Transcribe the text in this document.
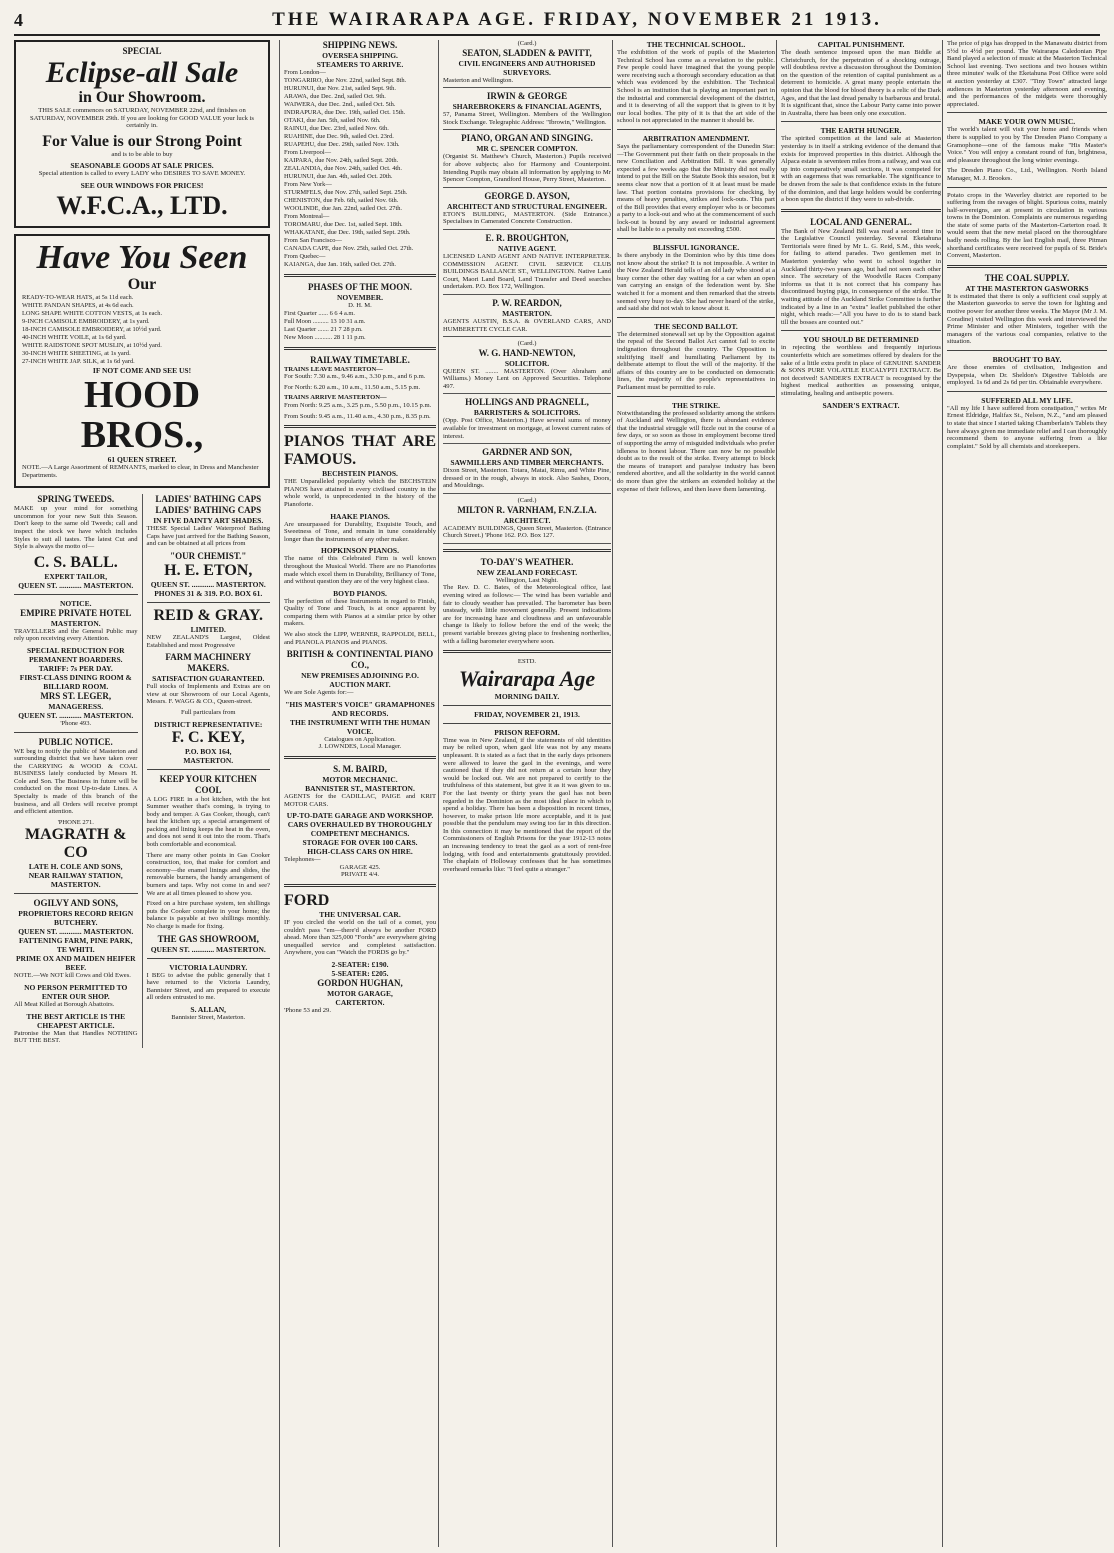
4	THE WAIRARAPA AGE. FRIDAY, NOVEMBER 21 1913.
SPECIAL
Eclipse-all Sale
in Our Showroom.

THIS SALE commences on SATURDAY, NOVEMBER 22nd, and finishes on SATURDAY, NOVEMBER 29th. If you are looking for GOOD VALUE your luck is certainly in.

For Value is our Strong Point

and is to be able to buy

SEASONABLE GOODS AT SALE PRICES.

Special attention is called to every LADY who DESIRES TO SAVE MONEY.

SEE OUR WINDOWS FOR PRICES!
W.F.C.A., LTD.
Have You Seen
Our
READY-TO-WEAR HATS, at 5s 11d each.
WHITE PANDAN SHAPES, at 4s 6d each.
LONG SHAPE WHITE COTTON VESTS, at 1s each.
9-INCH CAMISOLE EMBROIDERY, at 1s yard.
18-INCH CAMISOLE EMBROIDERY, at 10½d yard.
40-INCH WHITE VOILE, at 1s 6d yard.
WHITE RAIDSTONE SPOT MUSLIN, at 10½d yard.
30-INCH WHITE SHEETING, at 1s yard.
27-INCH WHITE JAP. SILK, at 1s 6d yard.
IF NOT COME AND SEE US!
HOOD BROS.,
61 QUEEN STREET.

NOTE.—A Large Assortment of REMNANTS, marked to clear, in Dress and Manchester Departments.

SPRING TWEEDS.

MAKE up your mind for something uncommon for your new Suit this Season. Don't keep to the same old Tweeds; call and inspect the stock we have which includes Styles to suit all tastes. The latest Cut and Style is always the motto of—

C. S. BALL.
EXPERT TAILOR,
QUEEN ST. ............ MASTERTON.
NOTICE.
EMPIRE PRIVATE HOTEL
MASTERTON.

TRAVELLERS and the General Public may rely upon receiving every Attention.

SPECIAL REDUCTION FOR PERMANENT BOARDERS.
TARIFF: 7s PER DAY.
FIRST-CLASS DINING ROOM & BILLIARD ROOM.
MRS ST. LEGER,
MANAGERESS.
QUEEN ST. ............ MASTERTON.
'Phone 493.
PUBLIC NOTICE.

WE beg to notify the public of Masterton and surrounding district that we have taken over the CARRYING & WOOD & COAL BUSINESS lately conducted by Messrs H. Cole and Son. The Business in future will be conducted on the most Up-to-date Lines. A Specialty is made of this branch of the business, and all Orders will receive prompt and efficient attention.

'PHONE 271.
MAGRATH & CO
LATE H. COLE AND SONS,
NEAR RAILWAY STATION,
MASTERTON.
OGILVY AND SONS,
PROPRIETORS RECORD REIGN BUTCHERY.
QUEEN ST. ............ MASTERTON.
FATTENING FARM, PINE PARK, TE WHITI.
PRIME OX AND MAIDEN HEIFER BEEF.

NOTE.—We NOT kill Cows and Old Ewes.

NO PERSON PERMITTED TO ENTER OUR SHOP.

All Meat Killed at Borough Abattoirs.

THE BEST ARTICLE IS THE CHEAPEST ARTICLE.

Patronise the Man that Handles NOTHING BUT THE BEST.

LADIES' BATHING CAPS
LADIES' BATHING CAPS
IN FIVE DAINTY ART SHADES.

THESE Special Ladies' Waterproof Bathing Caps have just arrived for the Bathing Season, and can be obtained at all prices from

"OUR CHEMIST."
H. E. ETON,
QUEEN ST. ............ MASTERTON.
PHONES 31 & 319. P.O. BOX 61.
REID & GRAY.
LIMITED.

NEW ZEALAND'S Largest, Oldest Established and most Progressive

FARM MACHINERY MAKERS.
SATISFACTION GUARANTEED.

Full stocks of Implements and Extras are on view at our Showroom of our Local Agents, Messrs. F. WAGG & CO., Queen-street.

Full particulars from

DISTRICT REPRESENTATIVE:
F. C. KEY,
P.O. BOX 164,
MASTERTON.
KEEP YOUR KITCHEN COOL

A LOG FIRE in a hot kitchen, with the hot Summer weather that's coming, is trying to body and temper. A Gas Cooker, though, can't heat the kitchen up; a special arrangement of packing and lining keeps the heat in the oven, and does not send it out into the room. That's both comfortable and economical.

There are many other points in Gas Cooker construction, too, that make for comfort and economy—the enamel linings and slides, the removable burners, the handy arrangement of burners and taps. Why not come in and see? We are at all times pleased to show you.

Fixed on a hire purchase system, ten shillings puts the Cooker complete in your home; the balance is payable at two shillings monthly. No charge is made for fixing.

THE GAS SHOWROOM,
QUEEN ST. ............ MASTERTON.
VICTORIA LAUNDRY.

I BEG to advise the public generally that I have returned to the Victoria Laundry, Bannister Street, and am prepared to execute all orders entrusted to me.

S. ALLAN,
Bannister Street, Masterton.
SHIPPING NEWS.
OVERSEA SHIPPING.
STEAMERS TO ARRIVE.
From London—
TONGARIRO, due Nov. 22nd, sailed Sept. 8th.
HURUNUI, due Nov. 21st, sailed Sept. 9th.
ARAWA, due Dec. 2nd, sailed Oct. 9th.
WAIWERA, due Dec. 2nd., sailed Oct. 5th.
INDRAPURA, due Dec. 19th, sailed Oct. 15th.
OTAKI, due Jan. 5th, sailed Nov. 6th.
RAINUI, due Dec. 23rd, sailed Nov. 6th.
RUAHINE, due Dec. 9th, sailed Oct. 23rd.
RUAPEHU, due Dec. 29th, sailed Nov. 13th.
From Liverpool—
KAIPARA, due Nov. 24th, sailed Sept. 20th.
ZEALANDIA, due Nov. 24th, sailed Oct. 4th.
HURUNUI, due Jan. 4th, sailed Oct. 20th.
From New York—
STURMFELS, due Nov. 27th, sailed Sept. 25th.
CHENISTON, due Feb. 6th, sailed Nov. 6th.
WOOLINDE, due Jan. 22nd, sailed Oct. 27th.
From Montreal—
TOROMARU, due Dec. 1st, sailed Sept. 18th.
WHAKATANE, due Dec. 19th, sailed Sept. 29th.
From San Francisco—
CANADA CAPE, due Nov. 25th, sailed Oct. 27th.
From Quebec—
KAIANGA, due Jan. 16th, sailed Oct. 27th.
PHASES OF THE MOON.
NOVEMBER.
D. H. M.
First Quarter ...... 6 6 4 a.m.
Full Moon .......... 13 10 31 a.m.
Last Quarter ....... 21 7 28 p.m.
New Moon ........... 28 1 11 p.m.
RAILWAY TIMETABLE.
TRAINS LEAVE MASTERTON—

For South: 7.30 a.m., 9.46 a.m., 3.30 p.m., and 6 p.m.

For North: 6.20 a.m., 10 a.m., 11.50 a.m., 5.15 p.m.

TRAINS ARRIVE MASTERTON—

From North: 9.25 a.m., 3.25 p.m., 5.50 p.m., 10.15 p.m.

From South: 9.45 a.m., 11.40 a.m., 4.30 p.m., 8.35 p.m.

PIANOS THAT ARE FAMOUS.
BECHSTEIN PIANOS.

THE Unparalleled popularity which the BECHSTEIN PIANOS have attained in every civilised country in the whole world, is unprecedented in the history of the Pianoforte.

HAAKE PIANOS.

Are unsurpassed for Durability, Exquisite Touch, and Sweetness of Tone, and remain in tune considerably longer than the instruments of any other maker.

HOPKINSON PIANOS.

The name of this Celebrated Firm is well known throughout the Musical World. There are no Pianofortes made which excel them in Durability, Brilliancy of Tone, and without question they are of the very highest class.

BOYD PIANOS.

The perfection of these Instruments in regard to Finish, Quality of Tone and Touch, is at once apparent by comparing them with Pianos at a similar price by other makers.

We also stock the LIPP, WERNER, RAPPOLDI, BELL, and PIANOLA PIANOS and PIANOS.

BRITISH & CONTINENTAL PIANO CO.,
NEW PREMISES ADJOINING P.O. AUCTION MART.

We are Sole Agents for:—

"HIS MASTER'S VOICE" GRAMAPHONES AND RECORDS.
THE INSTRUMENT WITH THE HUMAN VOICE.
Catalogues on Application.
J. LOWNDES, Local Manager.
S. M. BAIRD,
MOTOR MECHANIC.
BANNISTER ST., MASTERTON.

AGENTS for the CADILLAC, PAIGE and KRIT MOTOR CARS.

UP-TO-DATE GARAGE AND WORKSHOP.
CARS OVERHAULED BY THOROUGHLY COMPETENT MECHANICS.
STORAGE FOR OVER 100 CARS.
HIGH-CLASS CARS ON HIRE.
Telephones—
GARAGE 425.
PRIVATE 4/4.
FORD
THE UNIVERSAL CAR.

IF you circled the world on the tail of a comet, you couldn't pass "em—there'd always be another FORD ahead. More than 325,000 "Fords" are everywhere giving unequalled service and completest satisfaction. Anywhere, you can "Watch the FORDS go by."

2-SEATER: £190.
5-SEATER: £205.
GORDON HUGHAN,
MOTOR GARAGE,
CARTERTON.
'Phone 53 and 29.
(Card.)
SEATON, SLADDEN & PAVITT,
CIVIL ENGINEERS AND AUTHORISED SURVEYORS.
Masterton and Wellington.
IRWIN & GEORGE
SHAREBROKERS & FINANCIAL AGENTS,
57, Panama Street, Wellington. Members of the Wellington Stock Exchange. Telegraphic Address: "Ibrowin," Wellington.
PIANO, ORGAN AND SINGING.
MR C. SPENCER COMPTON.
(Organist St. Matthew's Church, Masterton.) Pupils received for above subjects; also for Harmony and Counterpoint. Intending Pupils may obtain all information by applying to Mr Spencer Compton, Grandford House, Perry Street, Masterton.
GEORGE D. AYSON,
ARCHITECT AND STRUCTURAL ENGINEER.
ETON'S BUILDING, MASTERTON. (Side Entrance.) Specialises in Camerated Concrete Construction.
E. R. BROUGHTON,
NATIVE AGENT.
LICENSED LAND AGENT AND NATIVE INTERPRETER. COMMISSION AGENT. CIVIL SERVICE CLUB BUILDINGS BALLANCE ST., WELLINGTON. Native Land Court, Maori Land Board, Land Transfer and Deed searches undertaken. P.O. Box 172, Wellington.
P. W. REARDON,
MASTERTON.
AGENTS AUSTIN, B.S.A. & OVERLAND CARS, AND HUMBERETTE CYCLE CAR.
(Card.)
W. G. HAND-NEWTON,
SOLICITOR.
QUEEN ST. ........ MASTERTON. (Over Abraham and Williams.) Money Lent on Approved Securities. Telephone 497.
HOLLINGS AND PRAGNELL,
BARRISTERS & SOLICITORS.
(Opp. Post Office, Masterton.) Have several sums of money available for investment on mortgage, at lowest current rates of interest.
GARDNER AND SON,
SAWMILLERS AND TIMBER MERCHANTS.
Dixon Street, Masterton. Totara, Matai, Rimu, and White Pine, dressed or in the rough, always in stock. Also Sashes, Doors, and Mouldings.
(Card.)
MILTON R. VARNHAM, F.N.Z.I.A.
ARCHITECT.
ACADEMY BUILDINGS, Queen Street, Masterton. (Entrance Church Street.) 'Phone 162. P.O. Box 127.
TO-DAY'S WEATHER.
NEW ZEALAND FORECAST.
Wellington, Last Night.

The Rev. D. C. Bates, of the Meteorological office, last evening wired as follows:— The wind has been variable and fair to cloudy weather has prevailed. The barometer has been unsteady, with little movement generally. Present indications are for increasing haze and cloudiness and an unfavourable change is likely to follow before the end of the week; the present variable breezes giving place to freshening northerlies, with a falling barometer everywhere soon.

ESTD.
Wairarapa Age
MORNING DAILY.
FRIDAY, NOVEMBER 21, 1913.
PRISON REFORM.

Time was in New Zealand, if the statements of old identities may be relied upon, when gaol life was not by any means unpleasant. It is stated as a fact that in the early days prisoners were allowed to leave the gaol in the evenings, and were cautioned that if they did not return at a certain hour they would be locked out. We are not prepared to certify to the truthfulness of this statement, but give it as it was given to us. For the last twenty or thirty years the gaol has not been regarded in the Dominion as the most ideal place in which to spend a holiday. There has been a disposition in recent times, however, to make prison life more acceptable, and it is just possible that the pendulum may swing too far in this direction. In this connection it may be mentioned that the report of the Commissioners of English Prisons for the year 1912-13 notes an increasing tendency to treat the gaol as a sort of rent-free lodging, with food and entertainments gratuitously provided. The chaplain of Holloway confesses that he has sometimes overheard remarks like: "I feel quite a stranger."

THE TECHNICAL SCHOOL.

The exhibition of the work of pupils of the Masterton Technical School has come as a revelation to the public. Few people could have imagined that the young people were receiving such a thorough secondary education as that which was evidenced by the exhibition. The Technical School is an institution that is playing an important part in the industrial and commercial development of the district, and it is deserving of all the support that is given to it by our local bodies. The pity of it is that the art side of the school is not appreciated in the manner it should be.

ARBITRATION AMENDMENT.

Says the parliamentary correspondent of the Dunedin Star:—The Government put their faith on their proposals in the new Conciliation and Arbitration Bill. It was generally expected a few weeks ago that the Ministry did not really intend to put the Bill on the Statute Book this session, but it seems clear now that a portion of it at least must be made law. That portion contains provisions for checking, by means of heavy penalties, strikes and lock-outs. This part of the Bill provides that every employer who is or becomes a party to a lock-out and who at the commencement of such lock-out is bound by any award or industrial agreement shall be liable to a penalty not exceeding £500.

BLISSFUL IGNORANCE.

Is there anybody in the Dominion who by this time does not know about the strike? It is not impossible. A writer in the New Zealand Herald tells of an old lady who stood at a busy corner the other day waiting for a car when an open van carrying an ensign of the federation went by. She watched it for a moment and then remarked that the streets seemed very busy to-day. She had never heard of the strike, and said she did not wish to know about it.

THE SECOND BALLOT.

The determined stonewall set up by the Opposition against the repeal of the Second Ballot Act cannot fail to excite indignation throughout the country. The Opposition is stultifying itself and humiliating Parliament by its deliberate attempt to flout the will of the majority. If the affairs of this country are to be conducted on democratic lines, the majority of the people's representatives in Parliament must be permitted to rule.

THE STRIKE.

Notwithstanding the professed solidarity among the strikers of Auckland and Wellington, there is abundant evidence that the industrial struggle will fizzle out in the course of a few days, or so soon as those in employment become tired of supporting the army of misguided individuals who prefer idleness to honest labour. There can now be no possible doubt as to the result of the strike. Every attempt to block the means of transport and paralyse industry has been rendered abortive, and all the solidarity in the world cannot do more than give the strikers an extended holiday at the expense of their fellows, and then leave them lamenting.

CAPITAL PUNISHMENT.

The death sentence imposed upon the man Biddle at Christchurch, for the perpetration of a shocking outrage, will doubtless revive a discussion throughout the Dominion on the question of the retention of capital punishment as a deterrent to homicide. A great many people entertain the opinion that the blood for blood theory is a relic of the Dark Ages, and that the last dread penalty is barbarous and brutal. It is significant that, since the Labour Party came into power in Australia, there has been only one execution.

THE EARTH HUNGER.

The spirited competition at the land sale at Masterton yesterday is in itself a striking evidence of the demand that exists for improved properties in this district. Although the Alpaca estate is seventeen miles from a railway, and was cut up into comparatively small sections, it was competed for with an eagerness that was remarkable. The significance to be drawn from the sale is that confidence exists in the future of the dominion, and that large holders would be conferring a boon upon the district if they were to sub-divide.

LOCAL AND GENERAL.

The Bank of New Zealand Bill was read a second time in the Legislative Council yesterday. Several Eketahuna Territorials were fined by Mr L. G. Reid, S.M., this week, for failing to attend parades. Two gentlemen met in Masterton yesterday who went to school together in Auckland thirty-two years ago, but had not seen each other since. The secretary of the Woodville Races Company informs us that it is not correct that his company has discontinued buying pigs, in consequence of the strike. The waiting attitude of the Auckland Strike Committee is further indicated by a line in an "extra" leaflet published the other night, which reads:—"All you have to do is to stand back till the bosses are counted out."

YOU SHOULD BE DETERMINED

in rejecting the worthless and frequently injurious counterfeits which are sometimes offered by dealers for the sake of a little extra profit in place of GENUINE SANDER & SONS PURE VOLATILE EUCALYPTI EXTRACT. Be not deceived! SANDER'S EXTRACT is recognised by the highest medical authorities as possessing unique, stimulating, healing and antiseptic powers.

SANDER'S EXTRACT.

The price of pigs has dropped in the Manawatu district from 5½d to 4½d per pound. The Wairarapa Caledonian Pipe Band played a selection of music at the Masterton Technical School last evening. Two sections and two houses within three minutes' walk of the Eketahuna Post Office were sold at auction yesterday at £307. "Tiny Town" attracted large audiences in Masterton yesterday afternoon and evening, and the performances of the midgets were thoroughly appreciated.

MAKE YOUR OWN MUSIC.

The world's talent will visit your home and friends when there is supplied to you by The Dresden Piano Company a Gramophone—one of the famous make "His Master's Voice." You will enjoy a constant round of fun, brightness, and pleasure throughout the long winter evenings.

The Dresden Piano Co., Ltd., Wellington. North Island Manager, M. J. Brookes.

Potato crops in the Waverley district are reported to be suffering from the ravages of blight. Spurious coins, mainly half-sovereigns, are at present in circulation in various towns in the Dominion. Complaints are numerous regarding the state of some parts of the Masterton-Carterton road. It would seem that the new metal placed on the thoroughfare badly needs rolling. By the last English mail, three Pitman shorthand certificates were received for pupils of St. Bride's Convent, Masterton.

THE COAL SUPPLY.
AT THE MASTERTON GASWORKS

It is estimated that there is only a sufficient coal supply at the Masterton gasworks to serve the town for lighting and motive power for another three weeks. The Mayor (Mr J. M. Coradine) visited Wellington this week and interviewed the Prime Minister and other Ministers, together with the managers of the various coal companies, relative to the situation.

BROUGHT TO BAY.

Are those enemies of civilisation, Indigestion and Dyspepsia, when Dr. Sheldon's Digestive Tabloids are employed. 1s 6d and 2s 6d per tin. Obtainable everywhere.

SUFFERED ALL MY LIFE.

"All my life I have suffered from constipation," writes Mr Ernest Eldridge, Halifax St., Nelson, N.Z., "and am pleased to state that since I started taking Chamberlain's Tablets they have always given me immediate relief and I can thoroughly recommend them to anyone suffering from a like complaint." Sold by all chemists and storekeepers.
